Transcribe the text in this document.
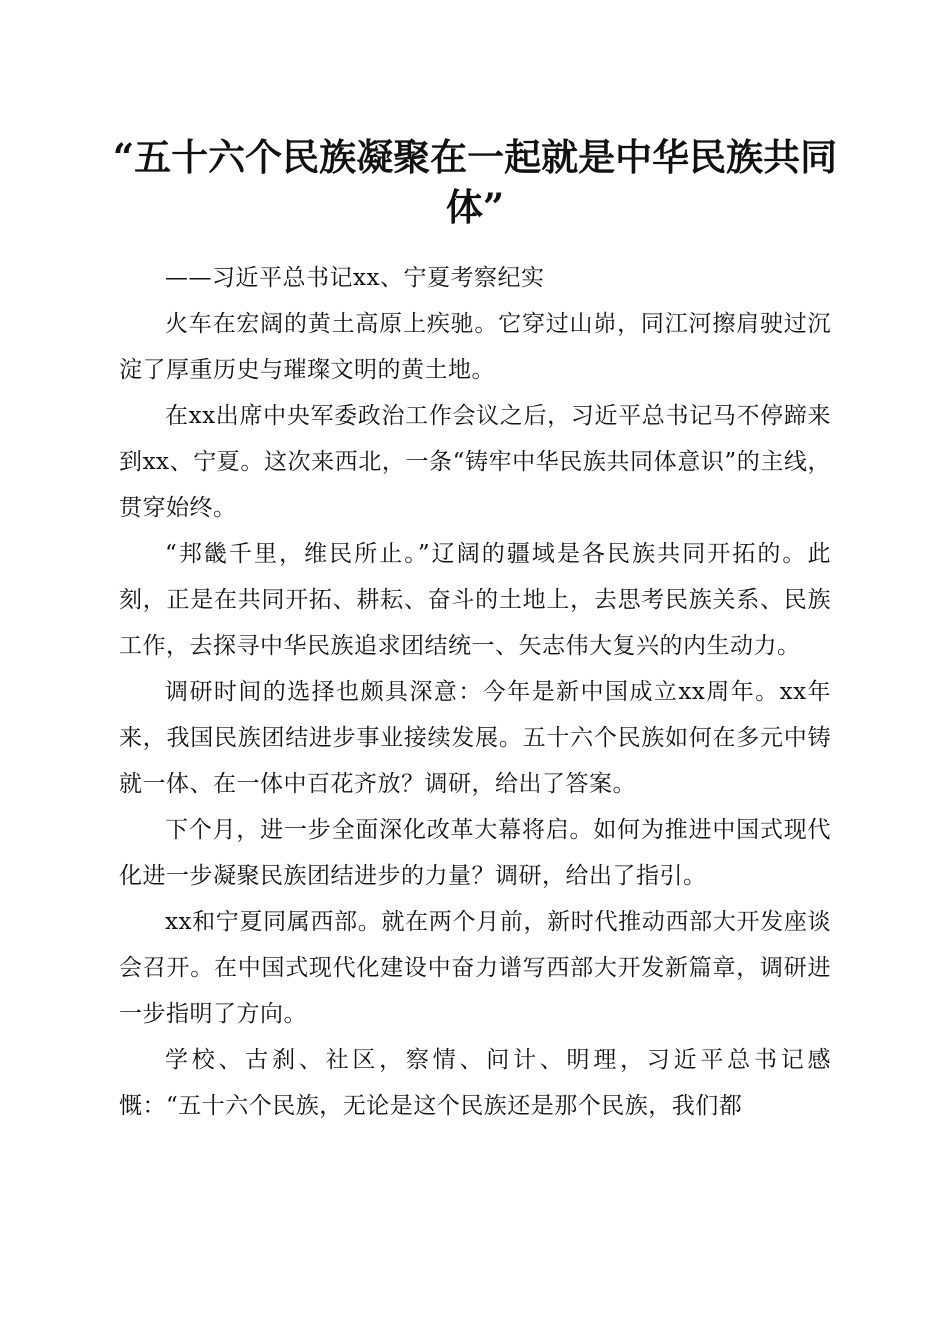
“五十六个民族凝聚在一起就是中华民族共同体”

——习近平总书记xx、宁夏考察纪实

火车在宏阔的黄土高原上疾驰。它穿过山峁，同江河擦肩驶过沉淀了厚重历史与璀璨文明的黄土地。

在xx出席中央军委政治工作会议之后，习近平总书记马不停蹄来到xx、宁夏。这次来西北，一条“铸牢中华民族共同体意识”的主线，贯穿始终。

“邦畿千里，维民所止。”辽阔的疆域是各民族共同开拓的。此刻，正是在共同开拓、耕耘、奋斗的土地上，去思考民族关系、民族工作，去探寻中华民族追求团结统一、矢志伟大复兴的内生动力。

调研时间的选择也颇具深意：今年是新中国成立xx周年。xx年来，我国民族团结进步事业接续发展。五十六个民族如何在多元中铸就一体、在一体中百花齐放？调研，给出了答案。

下个月，进一步全面深化改革大幕将启。如何为推进中国式现代化进一步凝聚民族团结进步的力量？调研，给出了指引。

xx和宁夏同属西部。就在两个月前，新时代推动西部大开发座谈会召开。在中国式现代化建设中奋力谱写西部大开发新篇章，调研进一步指明了方向。

学校、古刹、社区，察情、问计、明理，习近平总书记感慨：“五十六个民族，无论是这个民族还是那个民族，我们都
